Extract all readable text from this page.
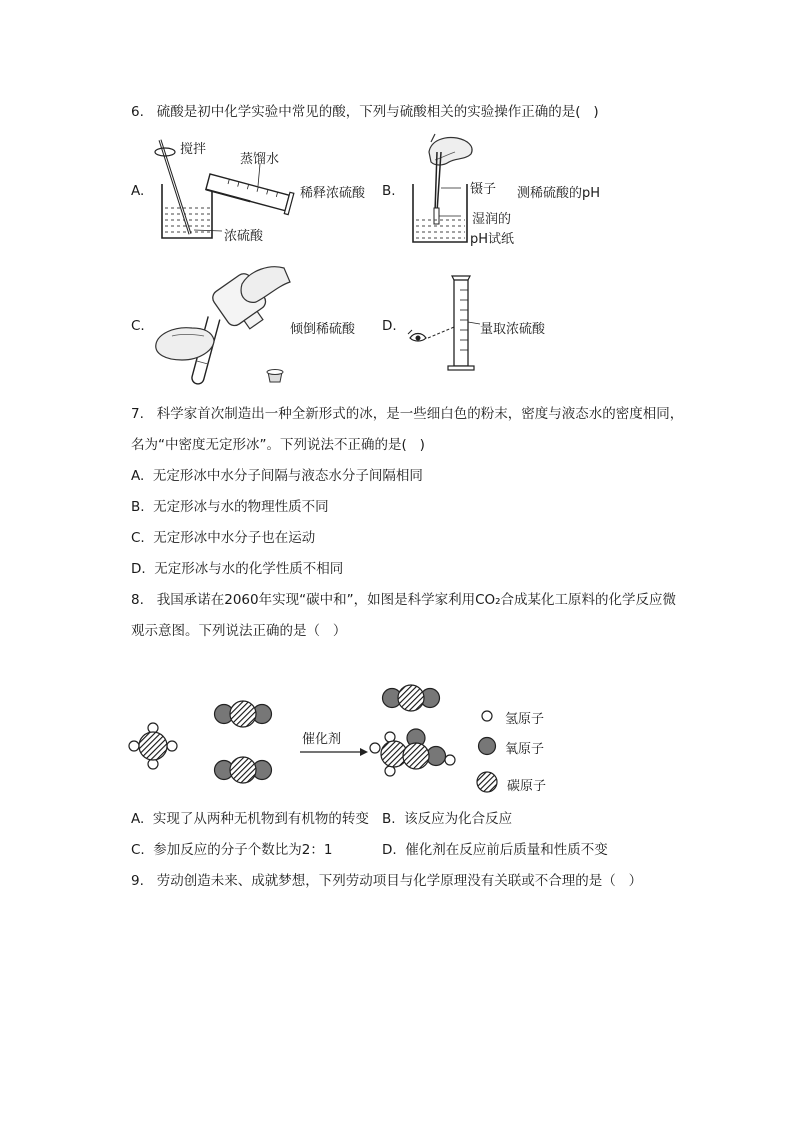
6.   硫酸是初中化学实验中常见的酸，下列与硫酸相关的实验操作正确的是(   )
A.
搅拌
蒸馏水
稀释浓硫酸
浓硫酸
B.	镊子 测稀硫酸的pH
湿润的
pH试纸
C.	倾倒稀硫酸 D.	量取浓硫酸
7.   科学家首次制造出一种全新形式的冰，是一些细白色的粉末，密度与液态水的密度相同，
名为“中密度无定形冰”。下列说法不正确的是(   )
A.  无定形冰中水分子间隔与液态水分子间隔相同
B.  无定形冰与水的物理性质不同
C.  无定形冰中水分子也在运动
D.  无定形冰与水的化学性质不相同
8.   我国承诺在2060年实现“碳中和”，如图是科学家利用CO₂合成某化工原料的化学反应微
观示意图。下列说法正确的是（   ）
催化剂
氢原子
氧原子
碳原子
A.  实现了从两种无机物到有机物的转变 B.  该反应为化合反应
C.  参加反应的分子个数比为2：1	D.  催化剂在反应前后质量和性质不变
9.   劳动创造未来、成就梦想，下列劳动项目与化学原理没有关联或不合理的是（   ）
